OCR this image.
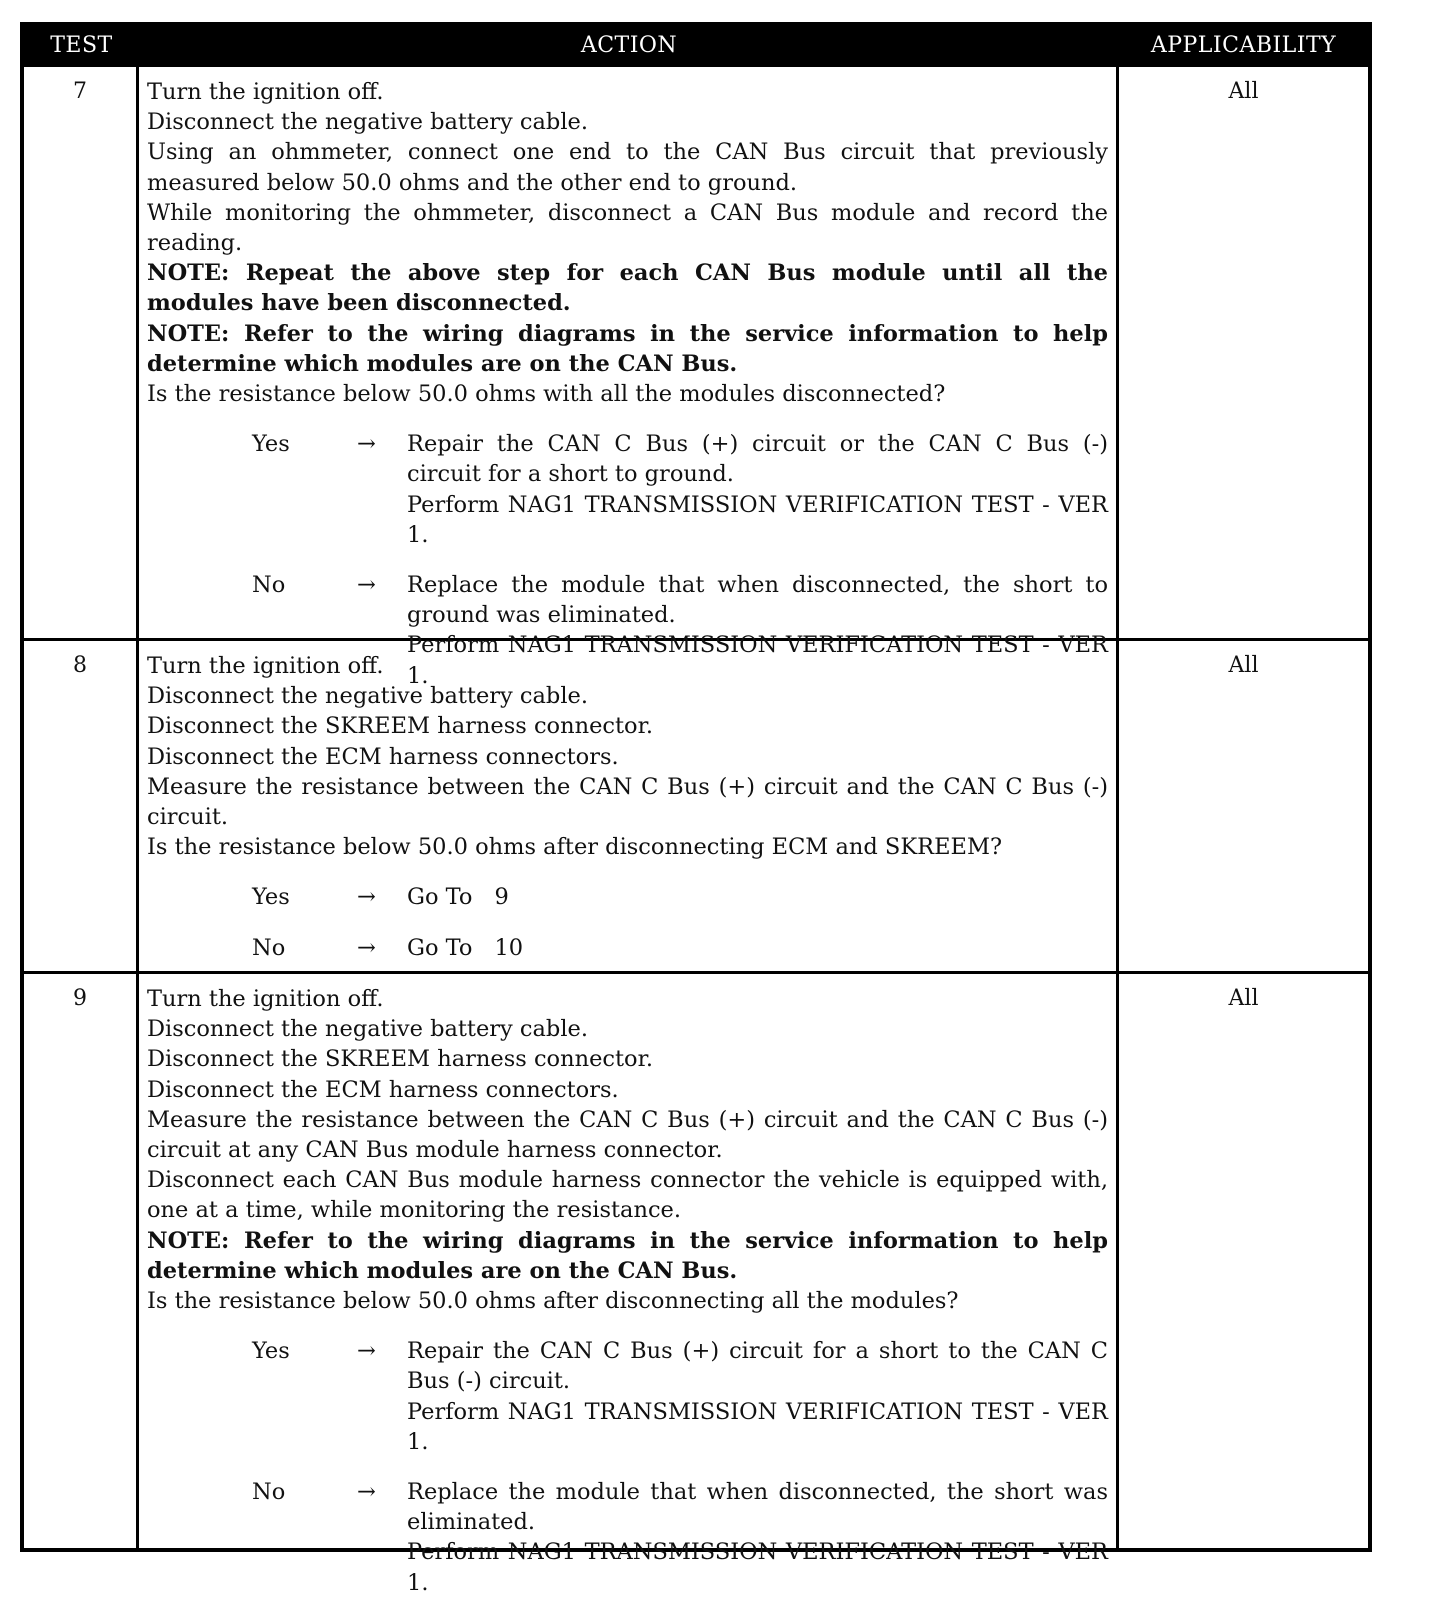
TEST	ACTION	APPLICABILITY
7	Turn the ignition off.
Disconnect the negative battery cable.
Using an ohmmeter, connect one end to the CAN Bus circuit that previously measured below 50.0 ohms and the other end to ground.
While monitoring the ohmmeter, disconnect a CAN Bus module and record the reading.
NOTE: Repeat the above step for each CAN Bus module until all the modules have been disconnected.
NOTE: Refer to the wiring diagrams in the service information to help determine which modules are on the CAN Bus.
Is the resistance below 50.0 ohms with all the modules disconnected?
Yes	→	Repair the CAN C Bus (+) circuit or the CAN C Bus (-) circuit for a short to ground.
Perform NAG1 TRANSMISSION VERIFICATION TEST - VER 1.
No	→	Replace the module that when disconnected, the short to ground was eliminated.
Perform NAG1 TRANSMISSION VERIFICATION TEST - VER 1.
All
8	Turn the ignition off.
Disconnect the negative battery cable.
Disconnect the SKREEM harness connector.
Disconnect the ECM harness connectors.
Measure the resistance between the CAN C Bus (+) circuit and the CAN C Bus (-) circuit.
Is the resistance below 50.0 ohms after disconnecting ECM and SKREEM?
Yes	→	Go To 9
No	→	Go To 10
All
9	Turn the ignition off.
Disconnect the negative battery cable.
Disconnect the SKREEM harness connector.
Disconnect the ECM harness connectors.
Measure the resistance between the CAN C Bus (+) circuit and the CAN C Bus (-) circuit at any CAN Bus module harness connector.
Disconnect each CAN Bus module harness connector the vehicle is equipped with, one at a time, while monitoring the resistance.
NOTE: Refer to the wiring diagrams in the service information to help determine which modules are on the CAN Bus.
Is the resistance below 50.0 ohms after disconnecting all the modules?
Yes	→	Repair the CAN C Bus (+) circuit for a short to the CAN C Bus (-) circuit.
Perform NAG1 TRANSMISSION VERIFICATION TEST - VER 1.
No	→	Replace the module that when disconnected, the short was eliminated.
Perform NAG1 TRANSMISSION VERIFICATION TEST - VER 1.
All
